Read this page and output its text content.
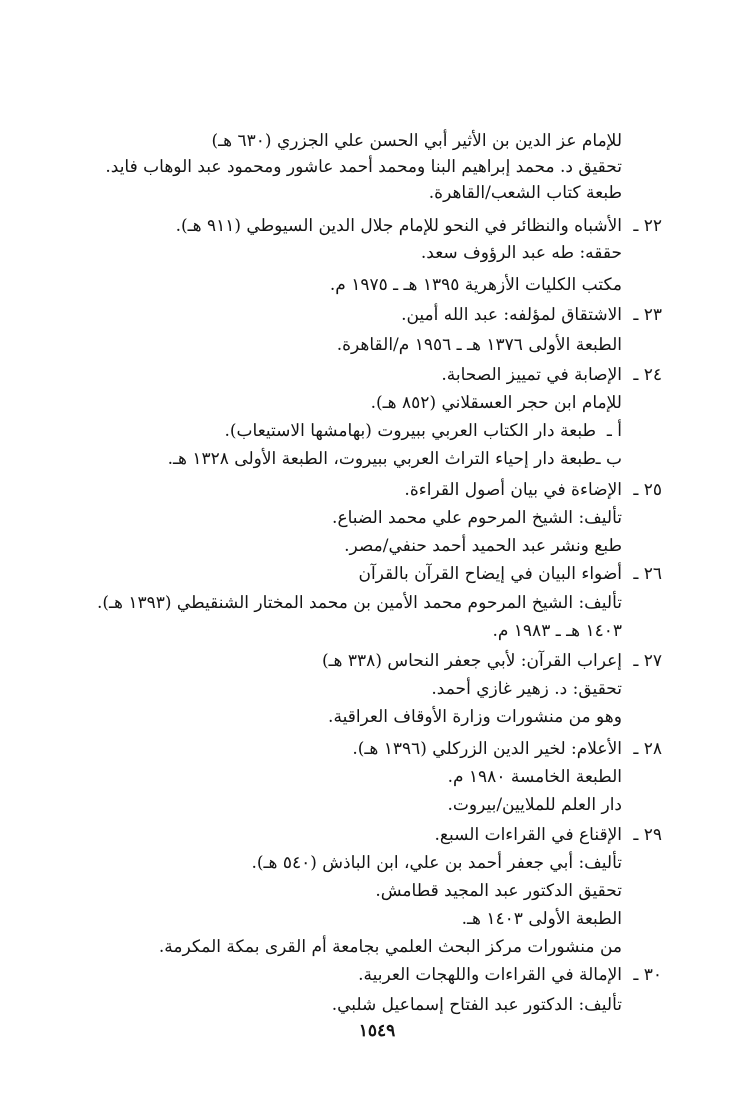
للإمام عز الدين بن الأثير أبي الحسن علي الجزري (٦٣٠ هـ)
تحقيق د. محمد إبراهيم البنا ومحمد أحمد عاشور ومحمود عبد الوهاب فايد.
طبعة كتاب الشعب/القاهرة.
٢٢ ـ
الأشباه والنظائر في النحو للإمام جلال الدين السيوطي (٩١١ هـ).
حققه: طه عبد الرؤوف سعد.
مكتب الكليات الأزهرية ١٣٩٥ هـ ـ ١٩٧٥ م.
٢٣ ـ
الاشتقاق لمؤلفه: عبد الله أمين.
الطبعة الأولى ١٣٧٦ هـ ـ ١٩٥٦ م/القاهرة.
٢٤ ـ
الإصابة في تمييز الصحابة.
للإمام ابن حجر العسقلاني (٨٥٢ هـ).
أ ـ
طبعة دار الكتاب العربي ببيروت (بهامشها الاستيعاب).
ب ـ
طبعة دار إحياء التراث العربي ببيروت، الطبعة الأولى ١٣٢٨ هـ.
٢٥ ـ
الإضاءة في بيان أصول القراءة.
تأليف: الشيخ المرحوم علي محمد الضباع.
طبع ونشر عبد الحميد أحمد حنفي/مصر.
٢٦ ـ
أضواء البيان في إيضاح القرآن بالقرآن
تأليف: الشيخ المرحوم محمد الأمين بن محمد المختار الشنقيطي (١٣٩٣ هـ).
١٤٠٣ هـ ـ ١٩٨٣ م.
٢٧ ـ
إعراب القرآن: لأبي جعفر النحاس (٣٣٨ هـ)
تحقيق: د. زهير غازي أحمد.
وهو من منشورات وزارة الأوقاف العراقية.
٢٨ ـ
الأعلام: لخير الدين الزركلي (١٣٩٦ هـ).
الطبعة الخامسة ١٩٨٠ م.
دار العلم للملايين/بيروت.
٢٩ ـ
الإقناع في القراءات السبع.
تأليف: أبي جعفر أحمد بن علي، ابن الباذش (٥٤٠ هـ).
تحقيق الدكتور عبد المجيد قطامش.
الطبعة الأولى ١٤٠٣ هـ.
من منشورات مركز البحث العلمي بجامعة أم القرى بمكة المكرمة.
٣٠ ـ
الإمالة في القراءات واللهجات العربية.
تأليف: الدكتور عبد الفتاح إسماعيل شلبي.
١٥٤٩
